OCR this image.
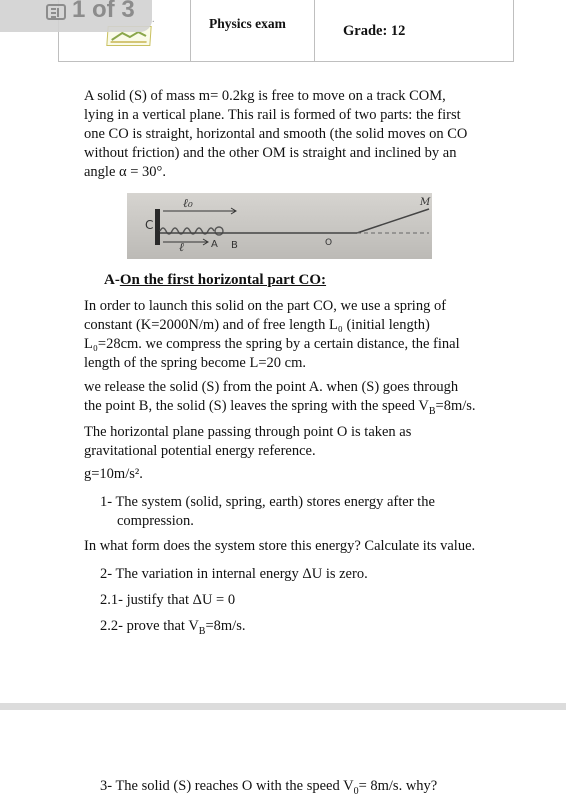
Physics exam	Grade: 12

A solid (S) of mass m= 0.2kg is free to move on a track COM,

lying in a vertical plane. This rail is formed of two parts: the first

one CO is straight, horizontal and smooth (the solid moves on CO

without friction) and the other OM is straight and inclined by an

angle α = 30°.

C
ℓ₀
ℓ	A B	O
M
A-On the first horizontal part CO:

In order to launch this solid on the part CO, we use a spring of

constant (K=2000N/m) and of free length L₀ (initial length)

L₀=28cm. we compress the spring by a certain distance, the final

length of the spring become L=20 cm.

we release the solid (S) from the point A. when (S) goes through

the point B, the solid (S) leaves the spring with the speed $V_B=8m/s$.

The horizontal plane passing through point O is taken as

gravitational potential energy reference.

g=10m/s².
1- The system (solid, spring, earth) stores energy after the
compression.
In what form does the system store this energy? Calculate its value.
2- The variation in internal energy ΔU is zero.
2.1- justify that ΔU = 0
2.2- prove that $V_B=8m/s$.
3- The solid (S) reaches O with the speed $V_0= 8m/s$. why?
1 of 3 .
